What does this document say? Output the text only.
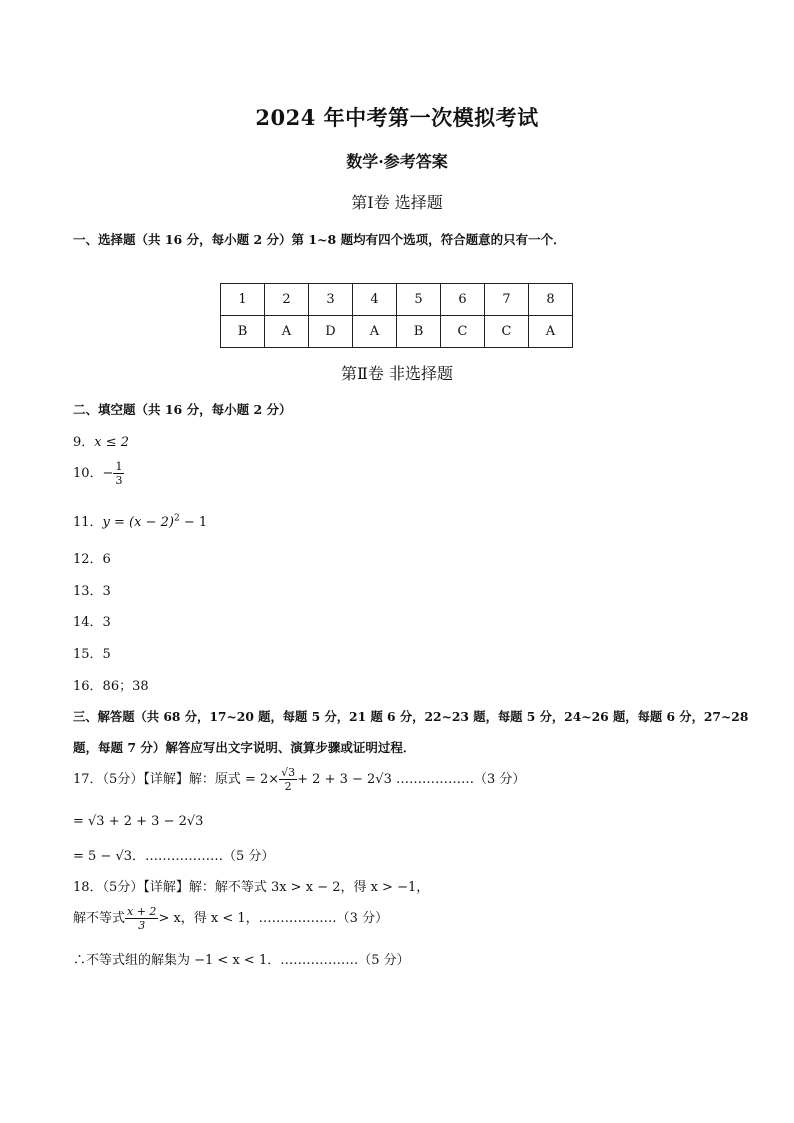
2024 年中考第一次模拟考试
数学·参考答案
第Ⅰ卷 选择题
一、选择题（共 16 分，每小题 2 分）第 1~8 题均有四个选项，符合题意的只有一个．
1	2	3	4	5	6	7	8
B	A	D	A	B	C	C	A
第Ⅱ卷 非选择题
二、填空题（共 16 分，每小题 2 分）
9．x ≤ 2
10．− $\frac{1}{3}$
11．$y = (x - 2)^2 - 1$
12．6
13．3
14．3
15．5
16．86；38
三、解答题（共 68 分，17~20 题，每题 5 分，21 题 6 分，22~23 题，每题 5 分，24~26 题，每题 6 分，27~28
题，每题 7 分）解答应写出文字说明、演算步骤或证明过程．
17．（5分）【详解】解：原式 = $2\times \frac{√3}{2} + 2 + 3 - 2√3$ ………………（3 分）
= √3 + 2 + 3 − 2√3
= 5 − √3．………………（5 分）
18．（5分）【详解】解：解不等式 3x > x − 2，得 x > −1，
解不等式 $\frac{x + 2}{3} > x$，得 x < 1，………………（3 分）
∴不等式组的解集为 −1 < x < 1．………………（5 分）
